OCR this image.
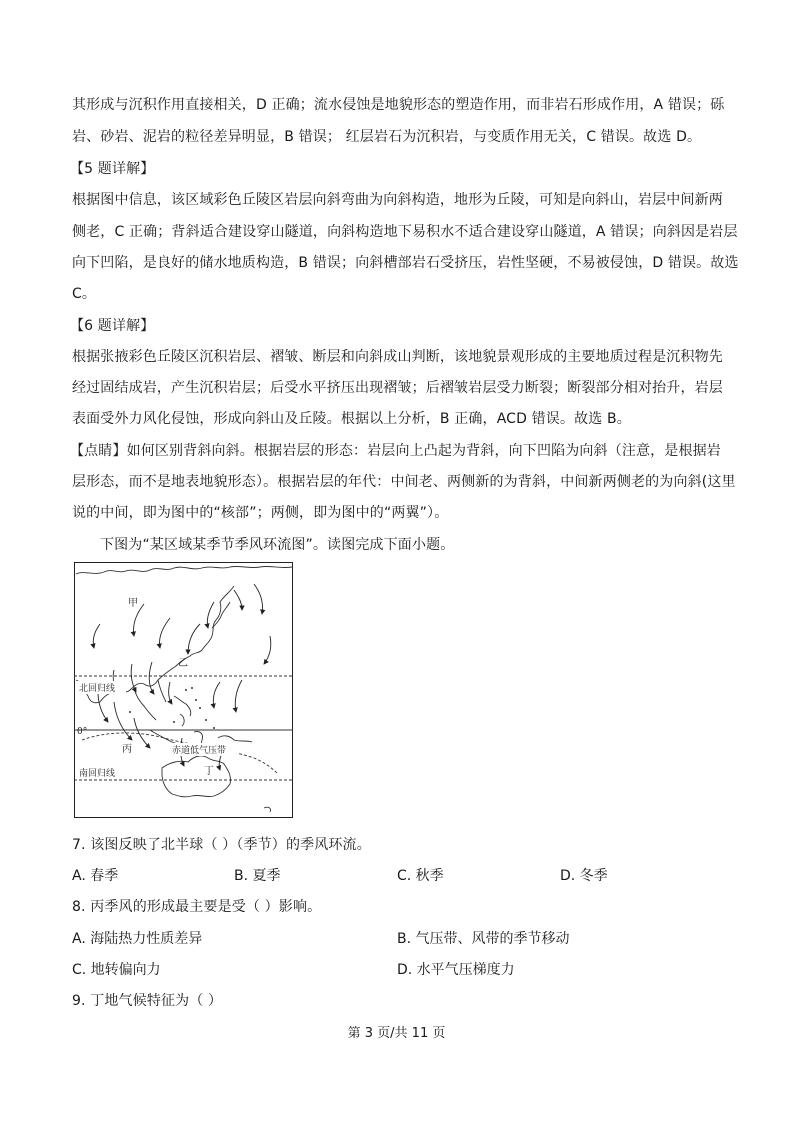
其形成与沉积作用直接相关，D 正确；流水侵蚀是地貌形态的塑造作用，而非岩石形成作用，A 错误；砾
岩、砂岩、泥岩的粒径差异明显，B 错误； 红层岩石为沉积岩，与变质作用无关，C 错误。故选 D。
【5 题详解】
根据图中信息，该区域彩色丘陵区岩层向斜弯曲为向斜构造，地形为丘陵，可知是向斜山，岩层中间新两
侧老，C 正确；背斜适合建设穿山隧道，向斜构造地下易积水不适合建设穿山隧道，A 错误；向斜因是岩层
向下凹陷，是良好的储水地质构造，B 错误；向斜槽部岩石受挤压，岩性坚硬，不易被侵蚀，D 错误。故选
C。
【6 题详解】
根据张掖彩色丘陵区沉积岩层、褶皱、断层和向斜成山判断，该地貌景观形成的主要地质过程是沉积物先
经过固结成岩，产生沉积岩层；后受水平挤压出现褶皱；后褶皱岩层受力断裂；断裂部分相对抬升，岩层
表面受外力风化侵蚀，形成向斜山及丘陵。根据以上分析，B 正确，ACD 错误。故选 B。
【点睛】如何区别背斜向斜。根据岩层的形态：岩层向上凸起为背斜，向下凹陷为向斜（注意，是根据岩
层形态，而不是地表地貌形态）。根据岩层的年代：中间老、两侧新的为背斜，中间新两侧老的为向斜(这里
说的中间，即为图中的“核部”；两侧，即为图中的“两翼”）。
下图为“某区域某季节季风环流图”。读图完成下面小题。
甲
乙
北回归线
0°
丙	赤道低气压带
丁
南回归线
7. 该图反映了北半球（ ）（季节）的季风环流。
A. 春季	B. 夏季	C. 秋季	D. 冬季
8. 丙季风的形成最主要是受（ ）影响。
A. 海陆热力性质差异	B. 气压带、风带的季节移动
C. 地转偏向力	D. 水平气压梯度力
9. 丁地气候特征为（ ）
第 3 页/共 11 页
